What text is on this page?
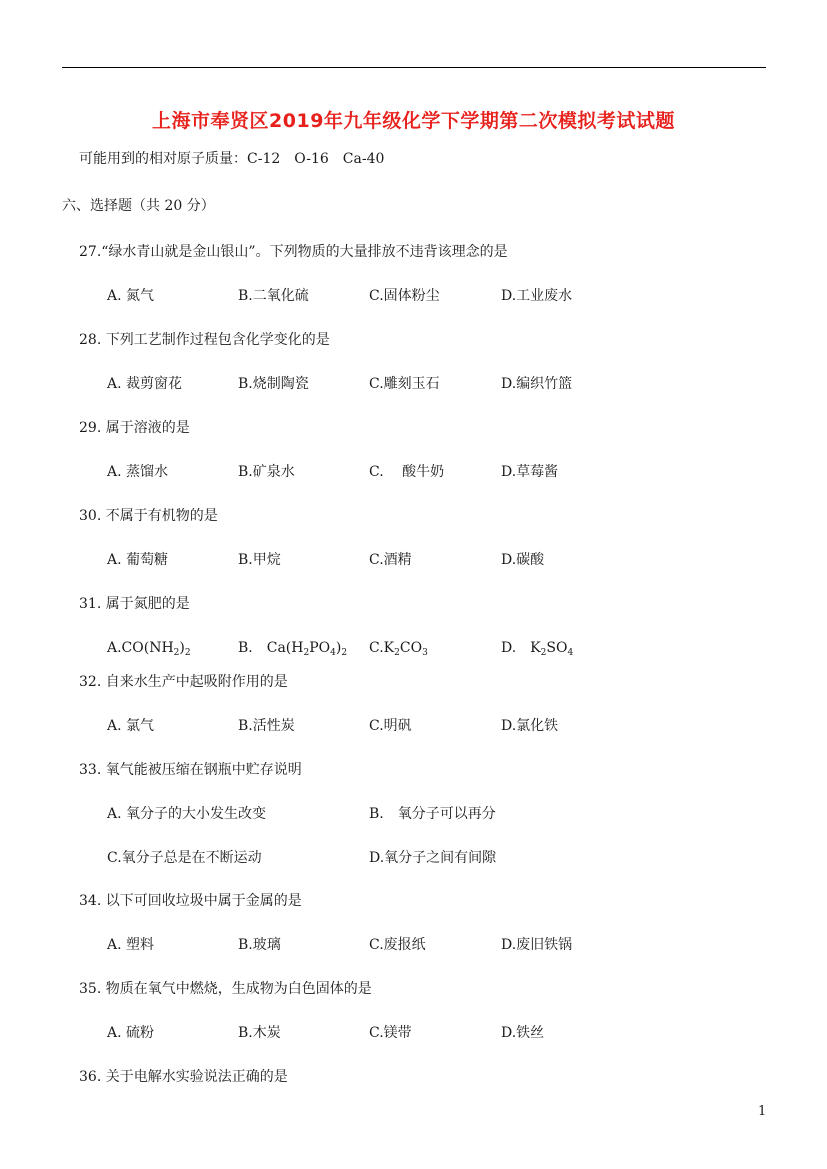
上海市奉贤区2019年九年级化学下学期第二次模拟考试试题
可能用到的相对原子质量：C-12　O-16　Ca-40
六、选择题（共 20 分）
27.“绿水青山就是金山银山”。下列物质的大量排放不违背该理念的是
A. 氮气	B.二氧化硫	C.固体粉尘	D.工业废水
28. 下列工艺制作过程包含化学变化的是
A. 裁剪窗花	B.烧制陶瓷	C.雕刻玉石	D.编织竹篮
29. 属于溶液的是
A. 蒸馏水	B.矿泉水	C.　 酸牛奶	D.草莓酱
30. 不属于有机物的是
A. 葡萄糖	B.甲烷	C.酒精	D.碳酸
31. 属于氮肥的是
$A.CO(NH_2)_2$	B.　$Ca(H_2PO_4)_2$ $C.K_2CO_3$	D.　$K_2SO_4$
32. 自来水生产中起吸附作用的是
A. 氯气	B.活性炭	C.明矾	D.氯化铁
33. 氧气能被压缩在钢瓶中贮存说明
A. 氧分子的大小发生改变	B.　氧分子可以再分
C.氧分子总是在不断运动	D.氧分子之间有间隙
34. 以下可回收垃圾中属于金属的是
A. 塑料	B.玻璃	C.废报纸	D.废旧铁锅
35. 物质在氧气中燃烧，生成物为白色固体的是
A. 硫粉	B.木炭	C.镁带	D.铁丝
36. 关于电解水实验说法正确的是
1
